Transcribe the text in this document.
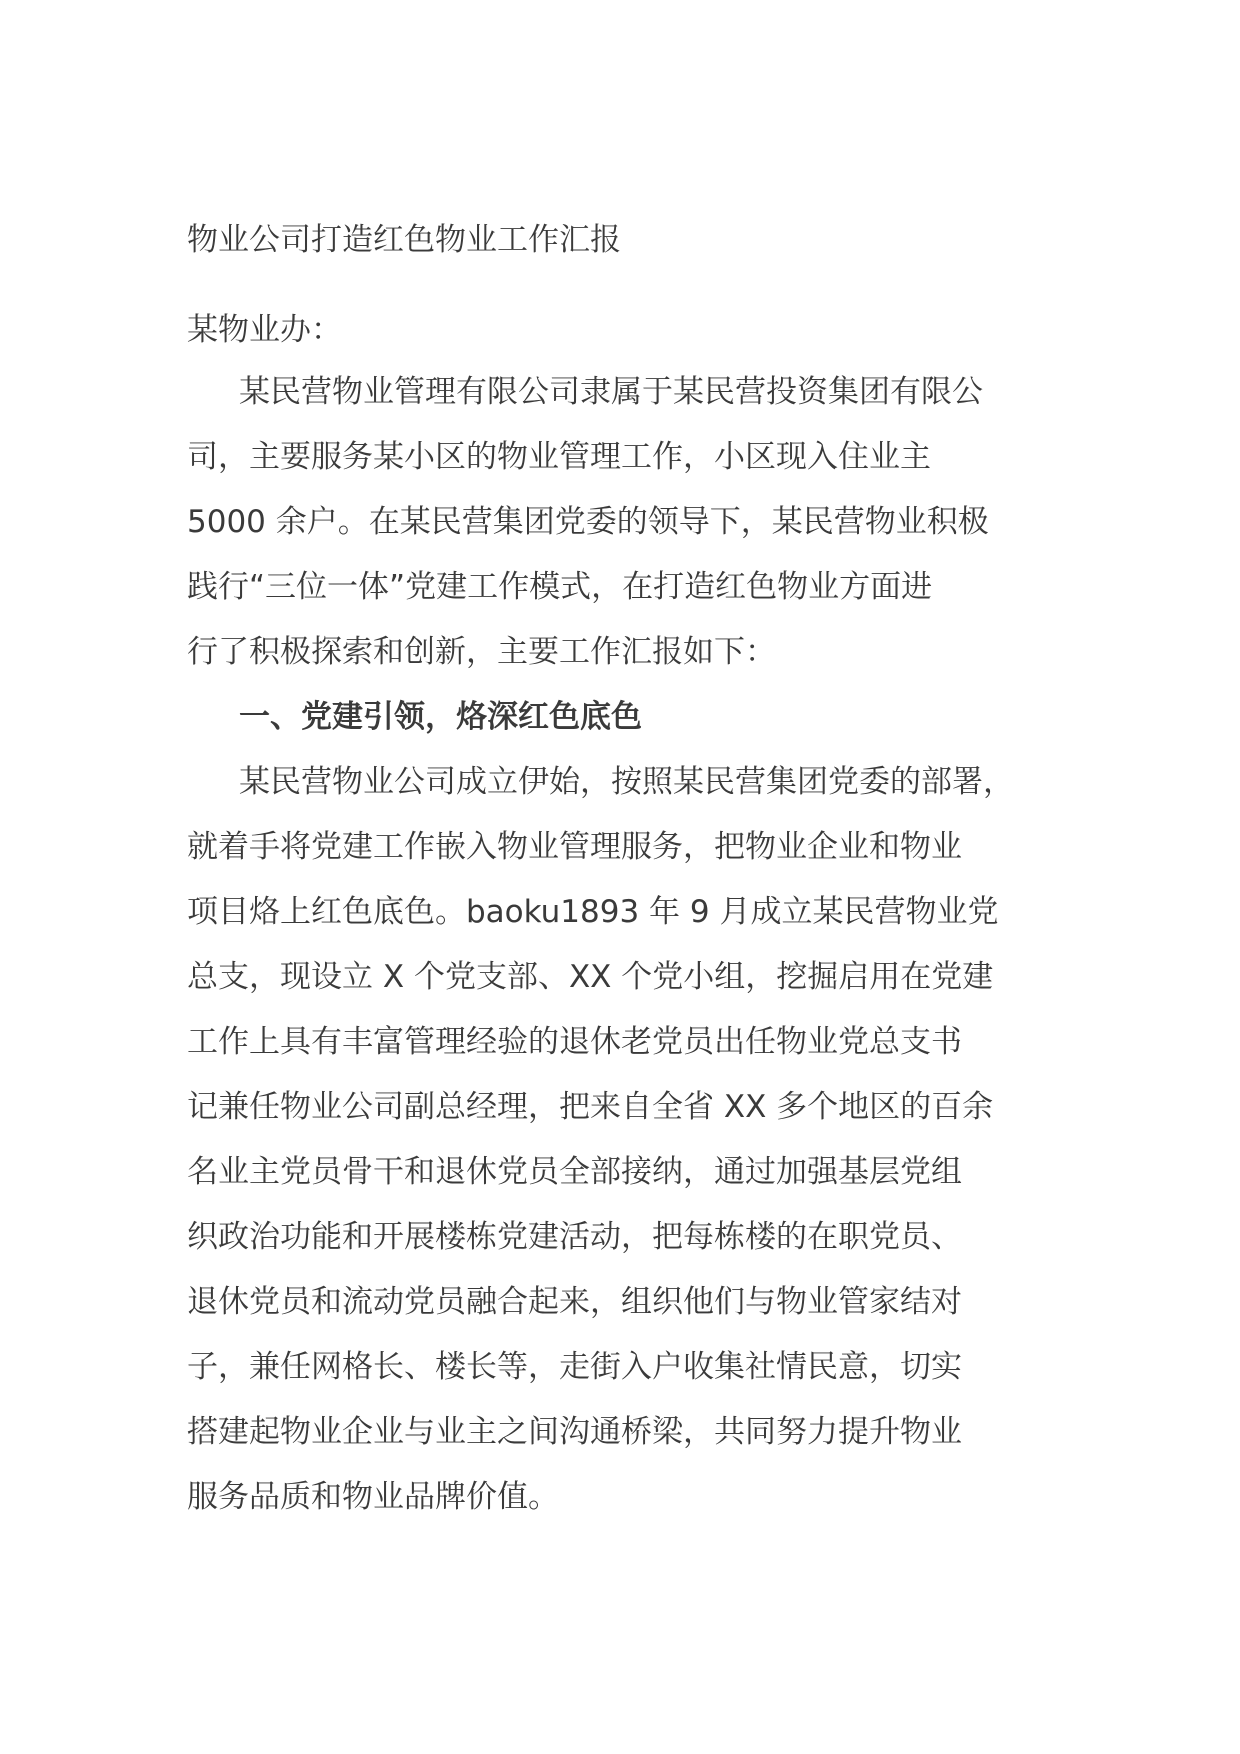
物业公司打造红色物业工作汇报
某物业办：
某民营物业管理有限公司隶属于某民营投资集团有限公
司，主要服务某小区的物业管理工作，小区现入住业主
5000 余户。在某民营集团党委的领导下，某民营物业积极
践行“三位一体”党建工作模式，在打造红色物业方面进
行了积极探索和创新，主要工作汇报如下：
一、党建引领，烙深红色底色
某民营物业公司成立伊始，按照某民营集团党委的部署，
就着手将党建工作嵌入物业管理服务，把物业企业和物业
项目烙上红色底色。baoku1893 年 9 月成立某民营物业党
总支，现设立 X 个党支部、XX 个党小组，挖掘启用在党建
工作上具有丰富管理经验的退休老党员出任物业党总支书
记兼任物业公司副总经理，把来自全省 XX 多个地区的百余
名业主党员骨干和退休党员全部接纳，通过加强基层党组
织政治功能和开展楼栋党建活动，把每栋楼的在职党员、
退休党员和流动党员融合起来，组织他们与物业管家结对
子，兼任网格长、楼长等，走街入户收集社情民意，切实
搭建起物业企业与业主之间沟通桥梁，共同努力提升物业
服务品质和物业品牌价值。
